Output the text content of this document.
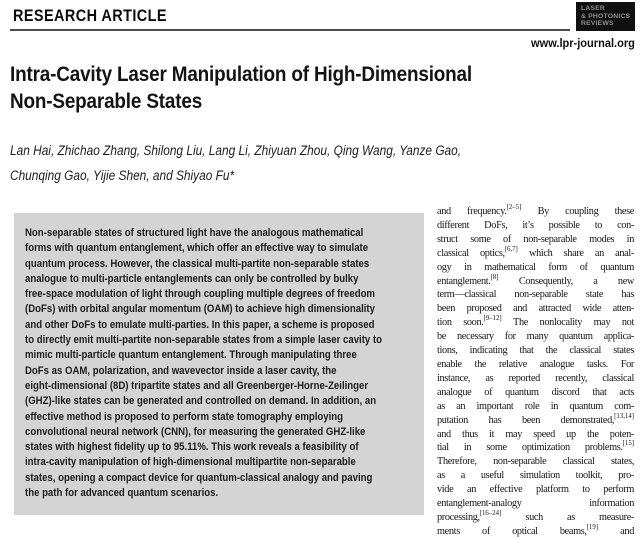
RESEARCH ARTICLE	LASER
& PHOTONICS
REVIEWS
www.lpr-journal.org
Intra-Cavity Laser Manipulation of High-Dimensional
Non-Separable States
Lan Hai, Zhichao Zhang, Shilong Liu, Lang Li, Zhiyuan Zhou, Qing Wang, Yanze Gao,
Chunqing Gao, Yijie Shen, and Shiyao Fu*
Non-separable states of structured light have the analogous mathematical
forms with quantum entanglement, which offer an effective way to simulate
quantum process. However, the classical multi-partite non-separable states
analogue to multi-particle entanglements can only be controlled by bulky
free-space modulation of light through coupling multiple degrees of freedom
(DoFs) with orbital angular momentum (OAM) to achieve high dimensionality
and other DoFs to emulate multi-parties. In this paper, a scheme is proposed
to directly emit multi-partite non-separable states from a simple laser cavity to
mimic multi-particle quantum entanglement. Through manipulating three
DoFs as OAM, polarization, and wavevector inside a laser cavity, the
eight-dimensional (8D) tripartite states and all Greenberger-Horne-Zeilinger
(GHZ)-like states can be generated and controlled on demand. In addition, an
effective method is proposed to perform state tomography employing
convolutional neural network (CNN), for measuring the generated GHZ-like
states with highest fidelity up to 95.11%. This work reveals a feasibility of
intra-cavity manipulation of high-dimensional multipartite non-separable
states, opening a compact device for quantum-classical analogy and paving
the path for advanced quantum scenarios.
and frequency.[2–5] By coupling these
different DoFs, it’s possible to con-
struct some of non-separable modes in
classical optics,[6,7] which share an anal-
ogy in mathematical form of quantum
entanglement.[8] Consequently, a new
term—classical non-separable state has
been proposed and attracted wide atten-
tion soon.[9–12] The nonlocality may not
be necessary for many quantum applica-
tions, indicating that the classical states
enable the relative analogue tasks. For
instance, as reported recently, classical
analogue of quantum discord that acts
as an important role in quantum com-
putation has been demonstrated,[13,14]
and thus it may speed up the poten-
tial in some optimization problems.[15]
Therefore, non-separable classical states,
as a useful simulation toolkit, pro-
vide an effective platform to perform
entanglement-analogy information
processing,[16–24] such as measure-
ments of optical beams,[19] and
